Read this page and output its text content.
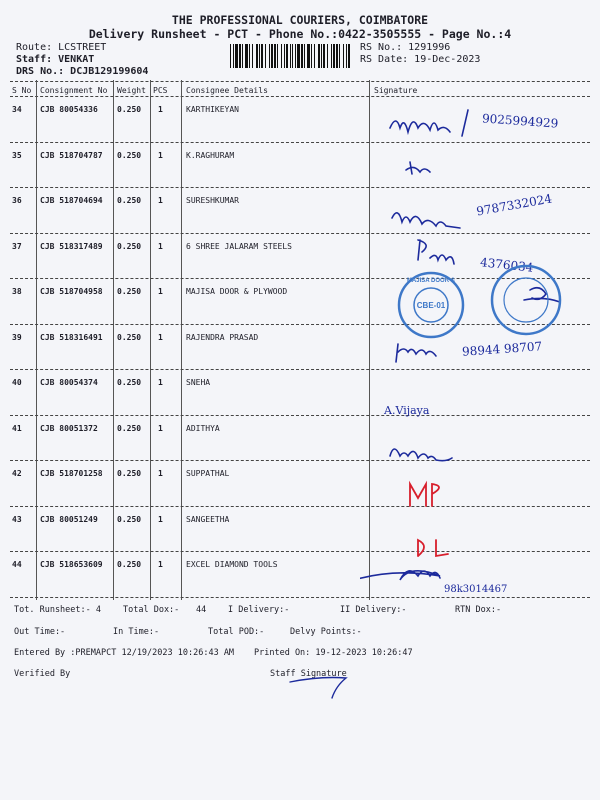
THE PROFESSIONAL COURIERS, COIMBATORE
Delivery Runsheet - PCT - Phone No.:0422-3505555 - Page No.:4
Route: LCSTREET
Staff: VENKAT
DRS No.: DCJB129199604
RS No.: 1291996
RS Date: 19-Dec-2023
S No Consignment No Weight PCS Consignee Details	Signature
34 CJB 80054336 0.250 1	KARTHIKEYAN
35 CJB 518704787 0.250 1	K.RAGHURAM
36 CJB 518704694 0.250 1	SURESHKUMAR
37 CJB 518317489 0.250 1	6 SHREE JALARAM STEELS
38 CJB 518704958 0.250 1	MAJISA DOOR & PLYWOOD
39 CJB 518316491 0.250 1	RAJENDRA PRASAD
40 CJB 80054374 0.250 1	SNEHA
41 CJB 80051372 0.250 1	ADITHYA
42 CJB 518701258 0.250 1	SUPPATHAL
43 CJB 80051249 0.250 1	SANGEETHA
44 CJB 518653609 0.250 1	EXCEL DIAMOND TOOLS
9025994929
9787332024
4376034
98944 98707
A.Vijaya
98k3014467
CBE-01
MAJISA DOOR &
Tot. Runsheet:- 4	Total Dox:- 44	I Delivery:-	II Delivery:-	RTN Dox:-
Out Time:-	In Time:-	Total POD:-	Delvy Points:-
Entered By :PREMAPCT 12/19/2023 10:26:43 AM Printed On: 19-12-2023 10:26:47
Verified By	Staff Signature
